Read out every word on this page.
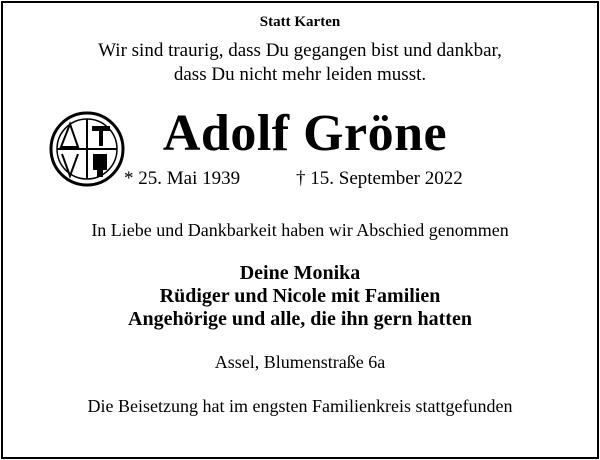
Statt Karten
Wir sind traurig, dass Du gegangen bist und dankbar,
dass Du nicht mehr leiden musst.
Adolf Gröne
* 25. Mai 1939	† 15. September 2022
In Liebe und Dankbarkeit haben wir Abschied genommen
Deine Monika
Rüdiger und Nicole mit Familien
Angehörige und alle, die ihn gern hatten
Assel, Blumenstraße 6a
Die Beisetzung hat im engsten Familienkreis stattgefunden
